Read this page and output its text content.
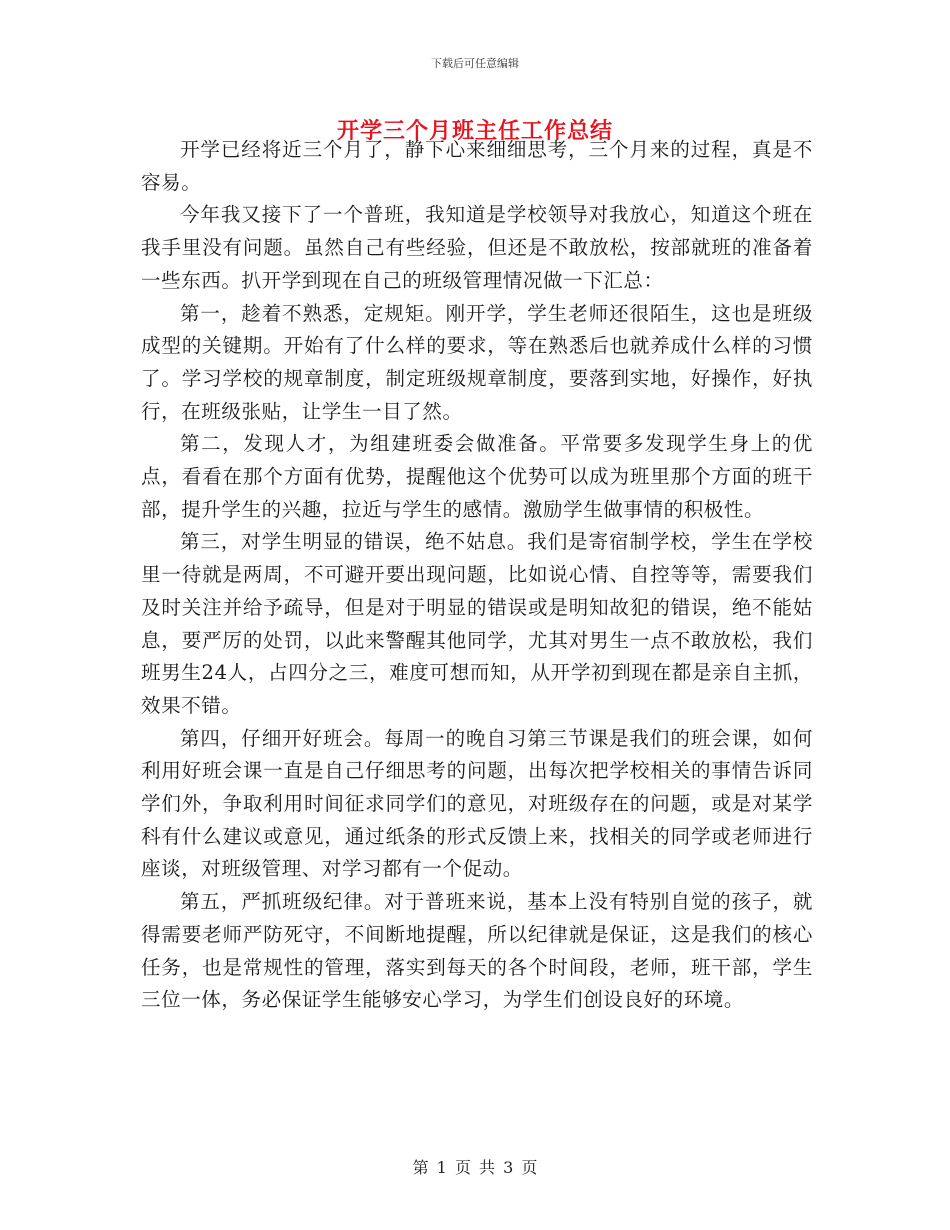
下载后可任意编辑
开学三个月班主任工作总结

开学已经将近三个月了，静下心来细细思考，三个月来的过程，真是不容易。

今年我又接下了一个普班，我知道是学校领导对我放心，知道这个班在我手里没有问题。虽然自己有些经验，但还是不敢放松，按部就班的准备着一些东西。扒开学到现在自己的班级管理情况做一下汇总：

第一，趁着不熟悉，定规矩。刚开学，学生老师还很陌生，这也是班级成型的关键期。开始有了什么样的要求，等在熟悉后也就养成什么样的习惯了。学习学校的规章制度，制定班级规章制度，要落到实地，好操作，好执行，在班级张贴，让学生一目了然。

第二，发现人才，为组建班委会做准备。平常要多发现学生身上的优点，看看在那个方面有优势，提醒他这个优势可以成为班里那个方面的班干部，提升学生的兴趣，拉近与学生的感情。激励学生做事情的积极性。

第三，对学生明显的错误，绝不姑息。我们是寄宿制学校，学生在学校里一待就是两周，不可避开要出现问题，比如说心情、自控等等，需要我们及时关注并给予疏导，但是对于明显的错误或是明知故犯的错误，绝不能姑息，要严厉的处罚，以此来警醒其他同学，尤其对男生一点不敢放松，我们班男生24人，占四分之三，难度可想而知，从开学初到现在都是亲自主抓，效果不错。

第四，仔细开好班会。每周一的晚自习第三节课是我们的班会课，如何利用好班会课一直是自己仔细思考的问题，出每次把学校相关的事情告诉同学们外，争取利用时间征求同学们的意见，对班级存在的问题，或是对某学科有什么建议或意见，通过纸条的形式反馈上来，找相关的同学或老师进行座谈，对班级管理、对学习都有一个促动。

第五，严抓班级纪律。对于普班来说，基本上没有特别自觉的孩子，就得需要老师严防死守，不间断地提醒，所以纪律就是保证，这是我们的核心任务，也是常规性的管理，落实到每天的各个时间段，老师，班干部，学生三位一体，务必保证学生能够安心学习，为学生们创设良好的环境。

第 1 页 共 3 页
